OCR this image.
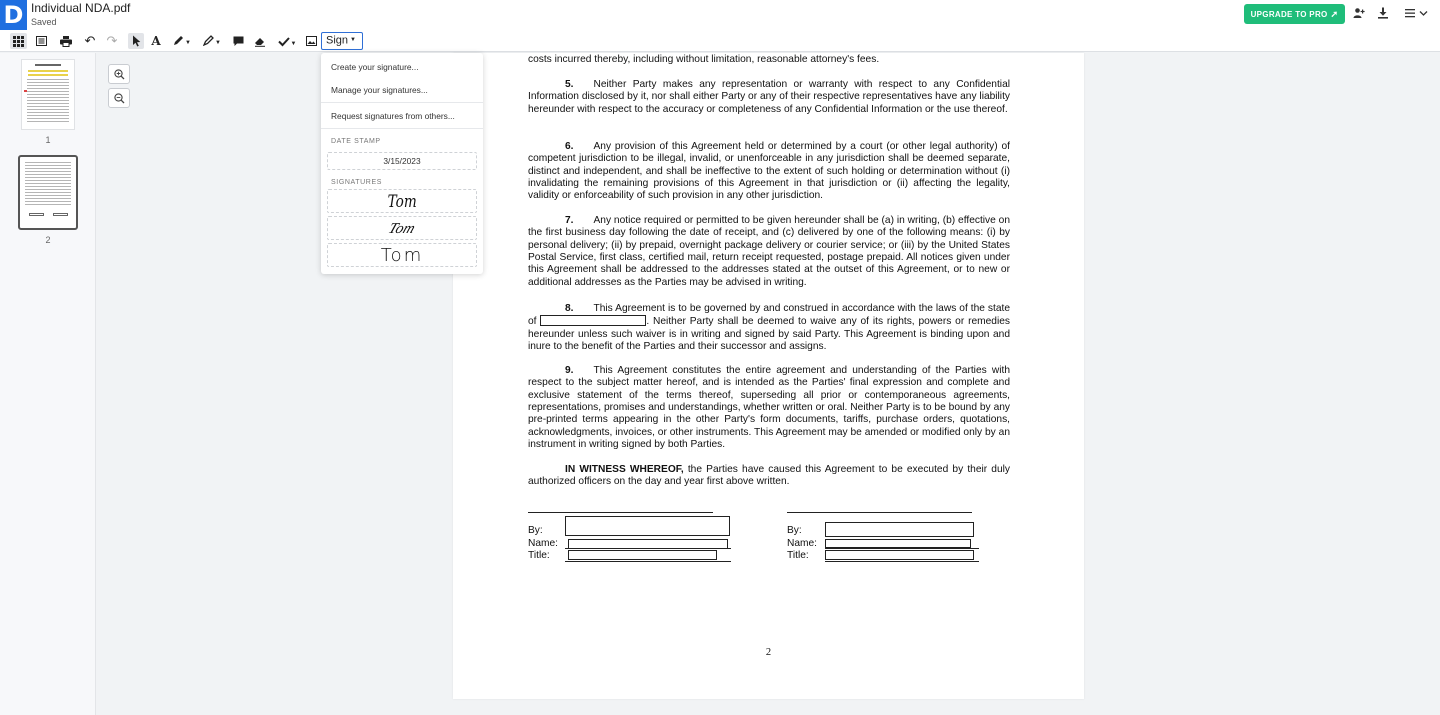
D Individual NDA.pdf
Saved
UPGRADE TO PRO ➚
↶ ↷	A	▼	▼	▼	Sign ▼
1
2
costs incurred thereby, including without limitation, reasonable attorney's fees.
5. Neither Party makes any representation or warranty with respect to any Confidential Information disclosed by it, nor shall either Party or any of their respective representatives have any liability hereunder with respect to the accuracy or completeness of any Confidential Information or the use thereof.
6. Any provision of this Agreement held or determined by a court (or other legal authority) of competent jurisdiction to be illegal, invalid, or unenforceable in any jurisdiction shall be deemed separate, distinct and independent, and shall be ineffective to the extent of such holding or determination without (i) invalidating the remaining provisions of this Agreement in that jurisdiction or (ii) affecting the legality, validity or enforceability of such provision in any other jurisdiction.
7. Any notice required or permitted to be given hereunder shall be (a) in writing, (b) effective on the first business day following the date of receipt, and (c) delivered by one of the following means: (i) by personal delivery; (ii) by prepaid, overnight package delivery or courier service; or (iii) by the United States Postal Service, first class, certified mail, return receipt requested, postage prepaid. All notices given under this Agreement shall be addressed to the addresses stated at the outset of this Agreement, or to new or additional addresses as the Parties may be advised in writing.
8. This Agreement is to be governed by and construed in accordance with the laws of the state of	. Neither Party shall be deemed to waive any of its rights, powers or remedies hereunder unless such waiver is in writing and signed by said Party. This Agreement is binding upon and inure to the benefit of the Parties and their successor and assigns.
9. This Agreement constitutes the entire agreement and understanding of the Parties with respect to the subject matter hereof, and is intended as the Parties' final expression and complete and exclusive statement of the terms thereof, superseding all prior or contemporaneous agreements, representations, promises and understandings, whether written or oral. Neither Party is to be bound by any pre-printed terms appearing in the other Party's form documents, tariffs, purchase orders, quotations, acknowledgments, invoices, or other instruments. This Agreement may be amended or modified only by an instrument in writing signed by both Parties.
IN WITNESS WHEREOF, the Parties have caused this Agreement to be executed by their duly authorized officers on the day and year first above written.
By:
Name:
Title:
By:
Name:
Title:
2
Create your signature...
Manage your signatures...
Request signatures from others...
DATE STAMP
3/15/2023
SIGNATURES
Tom
Tom
Tom
